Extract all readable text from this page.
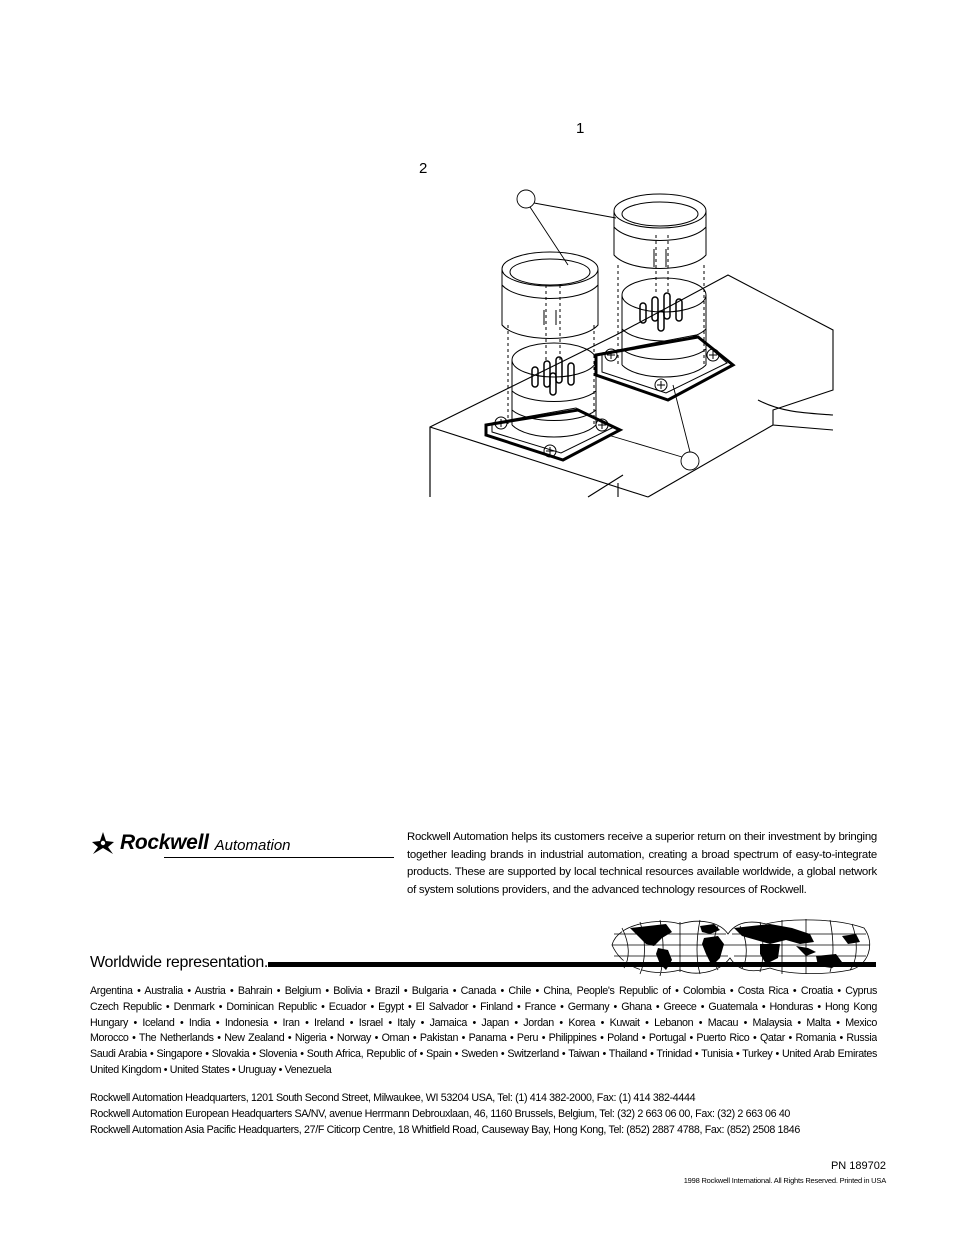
1
2
Rockwell Automation	Rockwell Automation helps its customers receive a superior return on their investment by bringing together leading brands in industrial automation, creating a broad spectrum of easy-to-integrate products. These are supported by local technical resources available worldwide, a global network of system solutions providers, and the advanced technology resources of Rockwell.
Worldwide representation.
Argentina • Australia • Austria • Bahrain • Belgium • Bolivia • Brazil • Bulgaria • Canada • Chile • China, People's Republic of • Colombia • Costa Rica • Croatia • Cyprus
Czech Republic • Denmark • Dominican Republic • Ecuador • Egypt • El Salvador • Finland • France • Germany • Ghana • Greece • Guatemala • Honduras • Hong Kong
Hungary • Iceland • India • Indonesia • Iran • Ireland • Israel • Italy • Jamaica • Japan • Jordan • Korea • Kuwait • Lebanon • Macau • Malaysia • Malta • Mexico
Morocco • The Netherlands • New Zealand • Nigeria • Norway • Oman • Pakistan • Panama • Peru • Philippines • Poland • Portugal • Puerto Rico • Qatar • Romania • Russia
Saudi Arabia • Singapore • Slovakia • Slovenia • South Africa, Republic of • Spain • Sweden • Switzerland • Taiwan • Thailand • Trinidad • Tunisia • Turkey • United Arab Emirates
United Kingdom • United States • Uruguay • Venezuela
Rockwell Automation Headquarters, 1201 South Second Street, Milwaukee, WI 53204 USA, Tel: (1) 414 382-2000, Fax: (1) 414 382-4444
Rockwell Automation European Headquarters SA/NV, avenue Herrmann Debrouxlaan, 46, 1160 Brussels, Belgium, Tel: (32) 2 663 06 00, Fax: (32) 2 663 06 40
Rockwell Automation Asia Pacific Headquarters, 27/F Citicorp Centre, 18 Whitfield Road, Causeway Bay, Hong Kong, Tel: (852) 2887 4788, Fax: (852) 2508 1846
PN 189702
1998 Rockwell International. All Rights Reserved. Printed in USA
